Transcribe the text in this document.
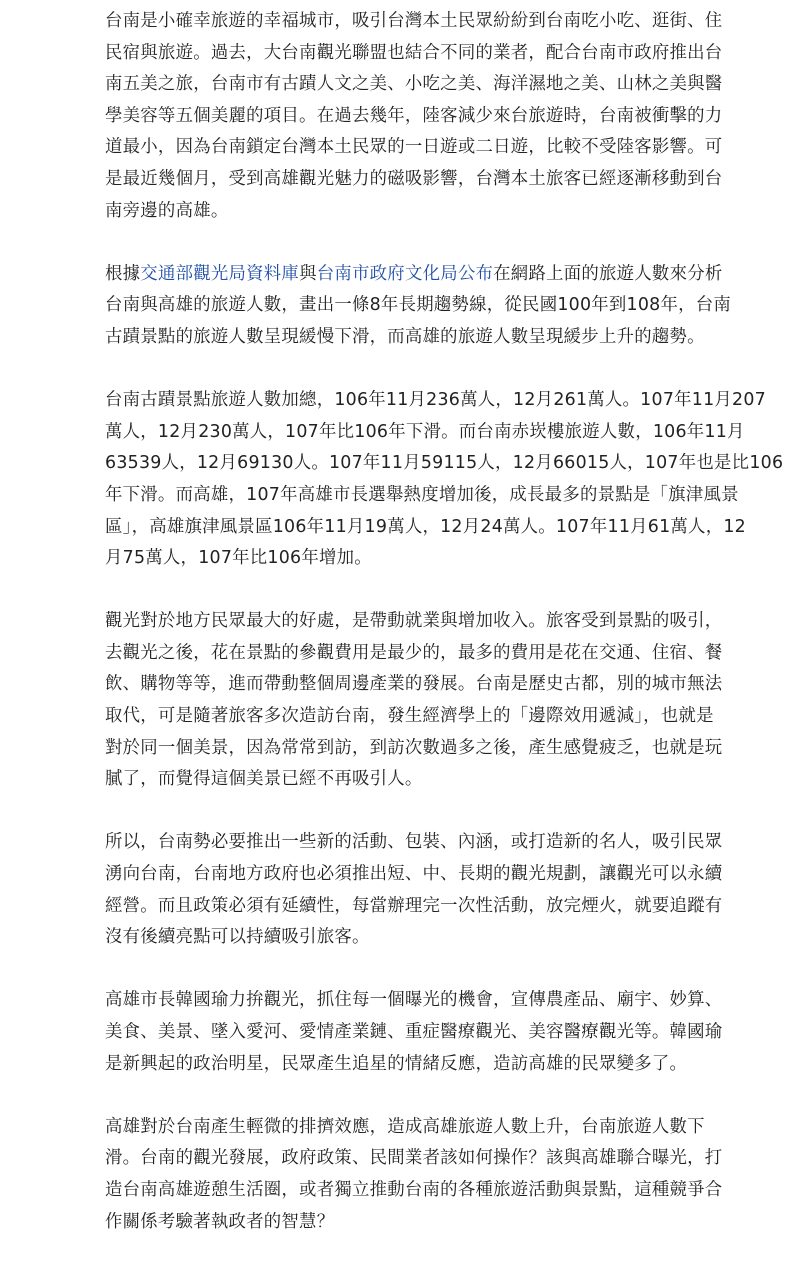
台南是小確幸旅遊的幸福城市，吸引台灣本土民眾紛紛到台南吃小吃、逛街、住
民宿與旅遊。過去，大台南觀光聯盟也結合不同的業者，配合台南市政府推出台
南五美之旅，台南市有古蹟人文之美、小吃之美、海洋濕地之美、山林之美與醫
學美容等五個美麗的項目。在過去幾年，陸客減少來台旅遊時，台南被衝擊的力
道最小，因為台南鎖定台灣本土民眾的一日遊或二日遊，比較不受陸客影響。可
是最近幾個月，受到高雄觀光魅力的磁吸影響，台灣本土旅客已經逐漸移動到台
南旁邊的高雄。

根據交通部觀光局資料庫與台南市政府文化局公布在網路上面的旅遊人數來分析
台南與高雄的旅遊人數，畫出一條8年長期趨勢線，從民國100年到108年，台南
古蹟景點的旅遊人數呈現緩慢下滑，而高雄的旅遊人數呈現緩步上升的趨勢。

台南古蹟景點旅遊人數加總，106年11月236萬人，12月261萬人。107年11月207
萬人，12月230萬人，107年比106年下滑。而台南赤崁樓旅遊人數，106年11月
63539人，12月69130人。107年11月59115人，12月66015人，107年也是比106
年下滑。而高雄，107年高雄市長選舉熱度增加後，成長最多的景點是「旗津風景
區」，高雄旗津風景區106年11月19萬人，12月24萬人。107年11月61萬人，12
月75萬人，107年比106年增加。

觀光對於地方民眾最大的好處，是帶動就業與增加收入。旅客受到景點的吸引，
去觀光之後，花在景點的參觀費用是最少的，最多的費用是花在交通、住宿、餐
飲、購物等等，進而帶動整個周邊產業的發展。台南是歷史古都，別的城市無法
取代，可是隨著旅客多次造訪台南，發生經濟學上的「邊際效用遞減」，也就是
對於同一個美景，因為常常到訪，到訪次數過多之後，產生感覺疲乏，也就是玩
膩了，而覺得這個美景已經不再吸引人。

所以，台南勢必要推出一些新的活動、包裝、內涵，或打造新的名人，吸引民眾
湧向台南，台南地方政府也必須推出短、中、長期的觀光規劃，讓觀光可以永續
經營。而且政策必須有延續性，每當辦理完一次性活動，放完煙火，就要追蹤有
沒有後續亮點可以持續吸引旅客。

高雄市長韓國瑜力拚觀光，抓住每一個曝光的機會，宣傳農產品、廟宇、妙算、
美食、美景、墜入愛河、愛情產業鏈、重症醫療觀光、美容醫療觀光等。韓國瑜
是新興起的政治明星，民眾產生追星的情緒反應，造訪高雄的民眾變多了。

高雄對於台南產生輕微的排擠效應，造成高雄旅遊人數上升，台南旅遊人數下
滑。台南的觀光發展，政府政策、民間業者該如何操作？該與高雄聯合曝光，打
造台南高雄遊憩生活圈，或者獨立推動台南的各種旅遊活動與景點，這種競爭合
作關係考驗著執政者的智慧？
